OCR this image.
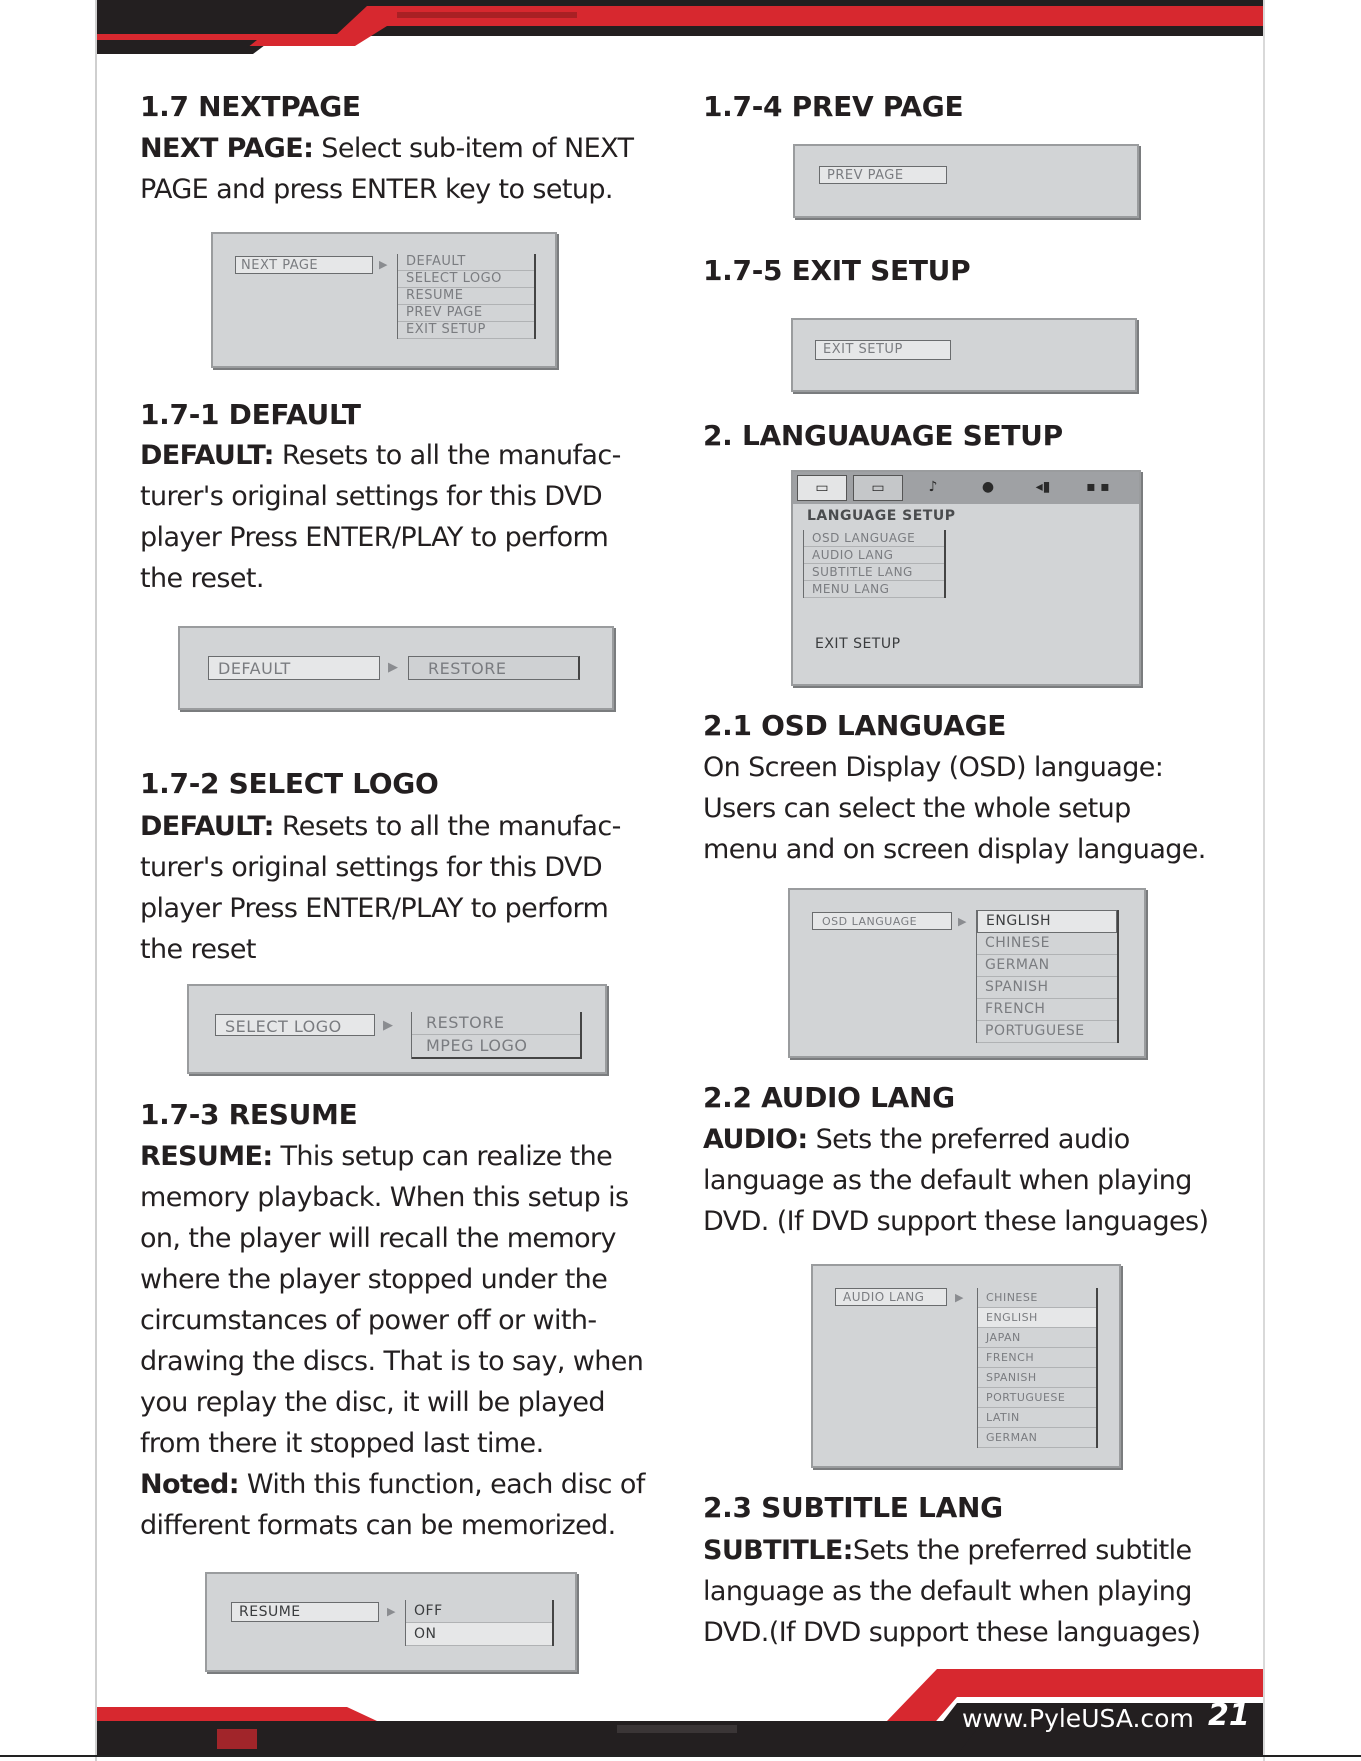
www.PyleUSA.com 21
1.7 NEXTPAGE
NEXT PAGE: Select sub-item of NEXT
PAGE and press ENTER key to setup.
NEXT PAGE	▶	DEFAULT
SELECT LOGO
RESUME
PREV PAGE
EXIT SETUP
1.7-1 DEFAULT
DEFAULT: Resets to all the manufac-
turer's original settings for this DVD
player Press ENTER/PLAY to perform
the reset.
DEFAULT	▶ RESTORE
1.7-2 SELECT LOGO
DEFAULT: Resets to all the manufac-
turer's original settings for this DVD
player Press ENTER/PLAY to perform
the reset
SELECT LOGO	▶	RESTORE
MPEG LOGO
1.7-3 RESUME
RESUME: This setup can realize the
memory playback. When this setup is
on, the player will recall the memory
where the player stopped under the
circumstances of power off or with-
drawing the discs. That is to say, when
you replay the disc, it will be played
from there it stopped last time.
Noted: With this function, each disc of
different formats can be memorized.
RESUME	▶	OFF
ON
1.7-4 PREV PAGE
PREV PAGE
1.7-5 EXIT SETUP
EXIT SETUP
2. LANGUAUAGE SETUP
▭	▭	♪	●	◂▮	▪ ▪
LANGUAGE SETUP
OSD LANGUAGE
AUDIO LANG
SUBTITLE LANG
MENU LANG
EXIT SETUP
2.1 OSD LANGUAGE
On Screen Display (OSD) language:
Users can select the whole setup
menu and on screen display language.
OSD LANGUAGE	▶	ENGLISH
CHINESE
GERMAN
SPANISH
FRENCH
PORTUGUESE
2.2 AUDIO LANG
AUDIO: Sets the preferred audio
language as the default when playing
DVD. (If DVD support these languages)
AUDIO LANG	▶	CHINESE
ENGLISH
JAPAN
FRENCH
SPANISH
PORTUGUESE
LATIN
GERMAN
2.3 SUBTITLE LANG
SUBTITLE:Sets the preferred subtitle
language as the default when playing
DVD.(If DVD support these languages)
